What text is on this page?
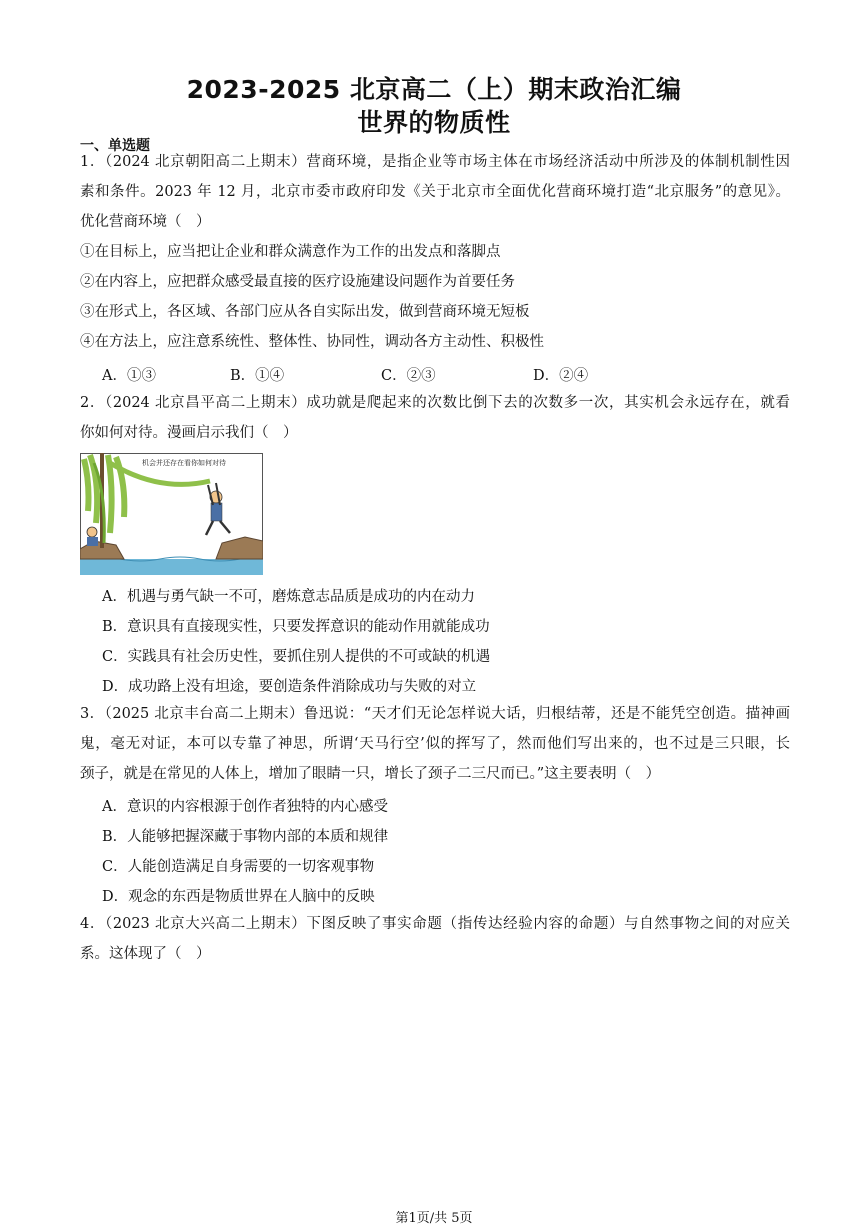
2023-2025 北京高二（上）期末政治汇编
世界的物质性
一、单选题
1．（2024 北京朝阳高二上期末）营商环境，是指企业等市场主体在市场经济活动中所涉及的体制机制性因
素和条件。2023 年 12 月，北京市委市政府印发《关于北京市全面优化营商环境打造“北京服务”的意见》。
优化营商环境（　）
①在目标上，应当把让企业和群众满意作为工作的出发点和落脚点
②在内容上，应把群众感受最直接的医疗设施建设问题作为首要任务
③在形式上，各区域、各部门应从各自实际出发，做到营商环境无短板
④在方法上，应注意系统性、整体性、协同性，调动各方主动性、积极性
A．①③	B．①④	C．②③	D．②④
2．（2024 北京昌平高二上期末）成功就是爬起来的次数比倒下去的次数多一次，其实机会永远存在，就看
你如何对待。漫画启示我们（　）
机会并还存在看你如何对待
A．机遇与勇气缺一不可，磨炼意志品质是成功的内在动力
B．意识具有直接现实性，只要发挥意识的能动作用就能成功
C．实践具有社会历史性，要抓住别人提供的不可或缺的机遇
D．成功路上没有坦途，要创造条件消除成功与失败的对立
3．（2025 北京丰台高二上期末）鲁迅说：“天才们无论怎样说大话，归根结蒂，还是不能凭空创造。描神画
鬼，毫无对证，本可以专靠了神思，所谓‘天马行空’似的挥写了，然而他们写出来的，也不过是三只眼，长
颈子，就是在常见的人体上，增加了眼睛一只，增长了颈子二三尺而已。”这主要表明（　）
A．意识的内容根源于创作者独特的内心感受
B．人能够把握深藏于事物内部的本质和规律
C．人能创造满足自身需要的一切客观事物
D．观念的东西是物质世界在人脑中的反映
4．（2023 北京大兴高二上期末）下图反映了事实命题（指传达经验内容的命题）与自然事物之间的对应关
系。这体现了（　）
第1页/共 5页
